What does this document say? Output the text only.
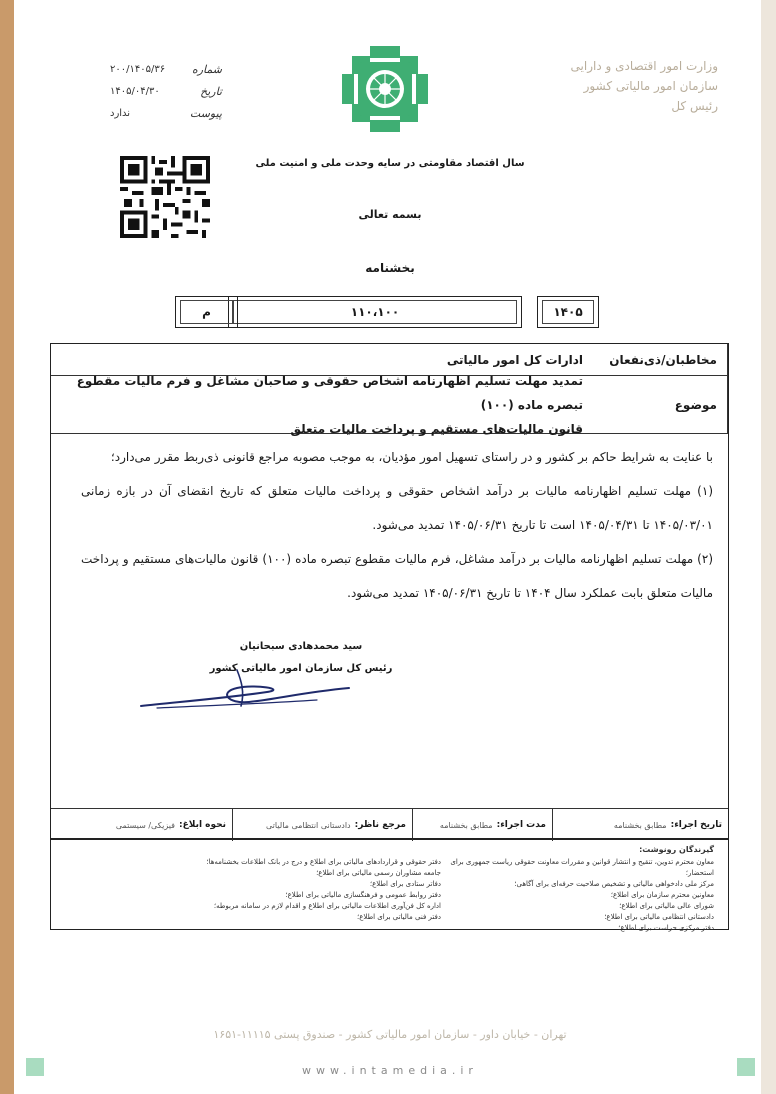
وزارت امور اقتصادی و دارایی
سازمان امور مالیاتی کشور
رئیس کل
شماره
۲۰۰/۱۴۰۵/۳۶
تاریخ
۱۴۰۵/۰۴/۳۰
پیوست
ندارد
سال اقتصاد مقاومتی در سایه وحدت ملی و امنیت ملی
بسمه تعالی
بخشنامه
۱۴۰۵
۱۱۰،۱۰۰
م
مخاطبان/ذی‌نفعان
ادارات کل امور مالیاتی
موضوع
تمدید مهلت تسلیم اظهارنامه اشخاص حقوقی و صاحبان مشاغل و فرم مالیات مقطوع تبصره ماده (۱۰۰)
قانون مالیات‌های مستقیم و پرداخت مالیات متعلق

با عنایت به شرایط حاکم بر کشور و در راستای تسهیل امور مؤدیان، به موجب مصوبه مراجع قانونی ذی‌ربط مقرر می‌دارد؛

(۱) مهلت تسلیم اظهارنامه مالیات بر درآمد اشخاص حقوقی و پرداخت مالیات متعلق که تاریخ انقضای آن در بازه زمانی ۱۴۰۵/۰۳/۰۱ تا ۱۴۰۵/۰۴/۳۱ است تا تاریخ ۱۴۰۵/۰۶/۳۱ تمدید می‌شود.

(۲) مهلت تسلیم اظهارنامه مالیات بر درآمد مشاغل، فرم مالیات مقطوع تبصره ماده (۱۰۰) قانون مالیات‌های مستقیم و پرداخت مالیات متعلق بابت عملکرد سال ۱۴۰۴ تا تاریخ ۱۴۰۵/۰۶/۳۱ تمدید می‌شود.

سید محمدهادی سبحانیان
رئیس کل سازمان امور مالیاتی کشور
تاریخ اجراء:
مطابق بخشنامه
مدت اجراء:
مطابق بخشنامه
مرجع ناظر:
دادستانی انتظامی مالیاتی
نحوه ابلاغ:
فیزیکی/ سیستمی
گیرندگان رونوشت:
معاون محترم تدوین، تنقیح و انتشار قوانین و مقررات معاونت حقوقی ریاست جمهوری برای استحضار؛
مرکز ملی دادخواهی مالیاتی و تشخیص صلاحیت حرفه‌ای برای آگاهی؛
معاونین محترم سازمان برای اطلاع؛
شورای عالی مالیاتی برای اطلاع؛
دادستانی انتظامی مالیاتی برای اطلاع؛
دفتر مرکزی حراست برای اطلاع؛
دفتر حقوقی و قراردادهای مالیاتی برای اطلاع و درج در بانک اطلاعات بخشنامه‌ها؛
جامعه مشاوران رسمی مالیاتی برای اطلاع؛
دفاتر ستادی برای اطلاع؛
دفتر روابط عمومی و فرهنگسازی مالیاتی برای اطلاع؛
اداره کل فن‌آوری اطلاعات مالیاتی برای اطلاع و اقدام لازم در سامانه مربوطه؛
دفتر فنی مالیاتی برای اطلاع؛
تهران - خیابان داور - سازمان امور مالیاتی کشور - صندوق پستی ۱۱۱۱۵-۱۶۵۱
www.intamedia.ir
